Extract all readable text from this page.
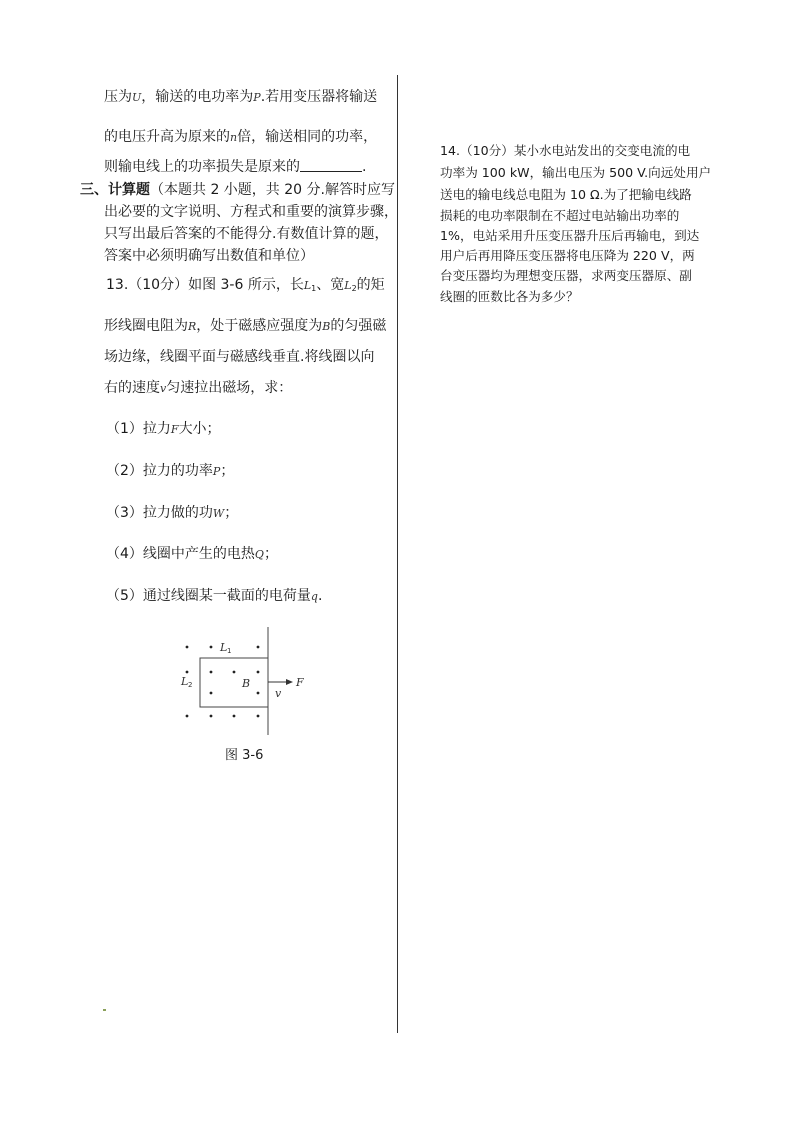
压为U，输送的电功率为P.若用变压器将输送
的电压升高为原来的n倍，输送相同的功率，
则输电线上的功率损失是原来的	.
三、计算题（本题共 2 小题，共 20 分.解答时应写
出必要的文字说明、方程式和重要的演算步骤，
只写出最后答案的不能得分.有数值计算的题，
答案中必须明确写出数值和单位）
13.（10分）如图 3-6 所示，长$L_1$、宽$L_2$的矩
形线圈电阻为R，处于磁感应强度为B的匀强磁
场边缘，线圈平面与磁感线垂直.将线圈以向
右的速度v匀速拉出磁场，求：
（1）拉力F大小；
（2）拉力的功率P；
（3）拉力做的功W；
（4）线圈中产生的电热Q；
（5）通过线圈某一截面的电荷量q.
L 1
L 2	B	F
v
图 3-6
14.（10分）某小水电站发出的交变电流的电
功率为 100 kW，输出电压为 500 V.向远处用户
送电的输电线总电阻为 10 Ω.为了把输电线路
损耗的电功率限制在不超过电站输出功率的
1%，电站采用升压变压器升压后再输电，到达
用户后再用降压变压器将电压降为 220 V，两
台变压器均为理想变压器，求两变压器原、副
线圈的匝数比各为多少？
